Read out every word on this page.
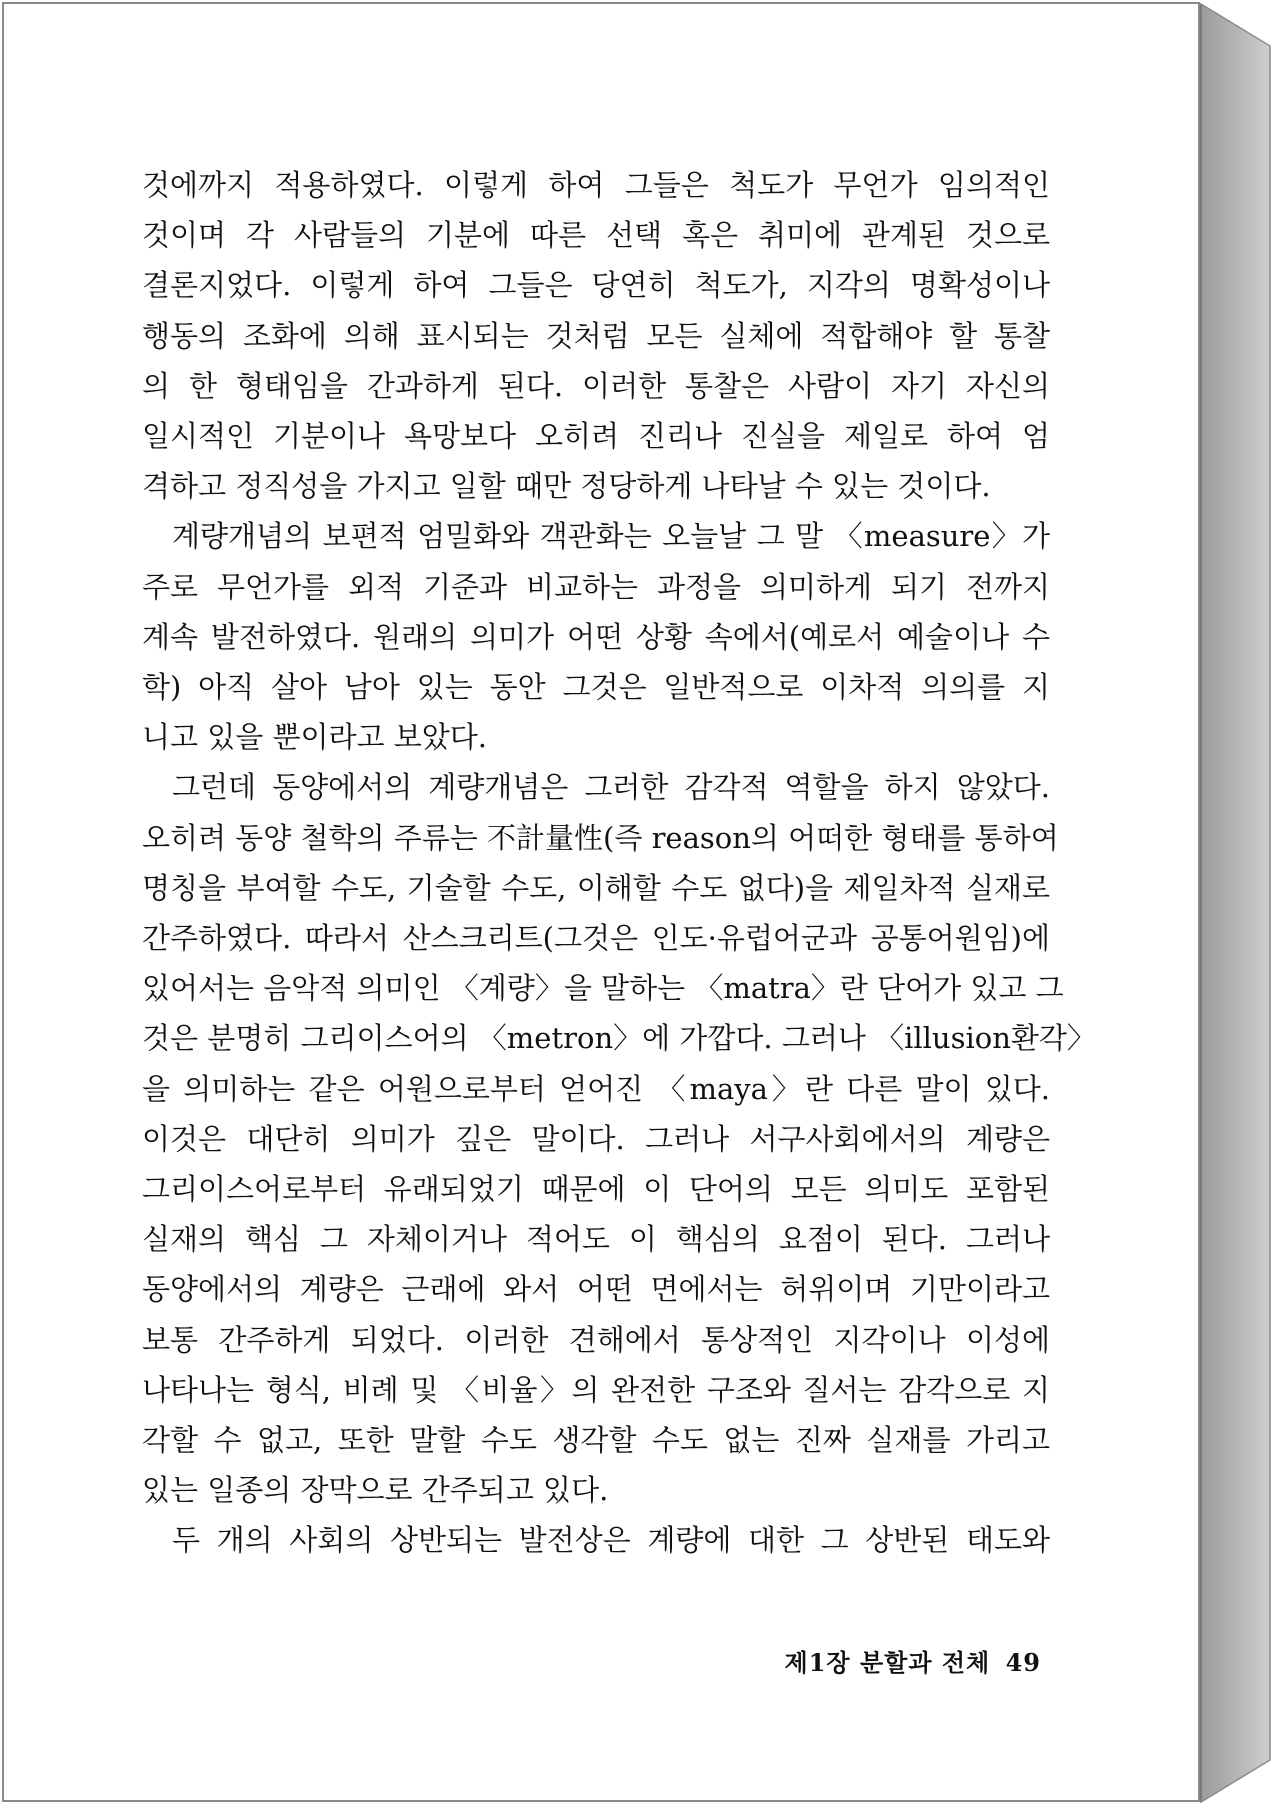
것에까지 적용하였다. 이렇게 하여 그들은 척도가 무언가 임의적인

것이며 각 사람들의 기분에 따른 선택 혹은 취미에 관계된 것으로

결론지었다. 이렇게 하여 그들은 당연히 척도가, 지각의 명확성이나

행동의 조화에 의해 표시되는 것처럼 모든 실체에 적합해야 할 통찰

의 한 형태임을 간과하게 된다. 이러한 통찰은 사람이 자기 자신의

일시적인 기분이나 욕망보다 오히려 진리나 진실을 제일로 하여 엄

격하고 정직성을 가지고 일할 때만 정당하게 나타날 수 있는 것이다.

계량개념의 보편적 엄밀화와 객관화는 오늘날 그 말 〈measure〉가

주로 무언가를 외적 기준과 비교하는 과정을 의미하게 되기 전까지

계속 발전하였다. 원래의 의미가 어떤 상황 속에서(예로서 예술이나 수

학) 아직 살아 남아 있는 동안 그것은 일반적으로 이차적 의의를 지

니고 있을 뿐이라고 보았다.

그런데 동양에서의 계량개념은 그러한 감각적 역할을 하지 않았다.

오히려 동양 철학의 주류는 不計量性(즉 reason의 어떠한 형태를 통하여

명칭을 부여할 수도, 기술할 수도, 이해할 수도 없다)을 제일차적 실재로

간주하였다. 따라서 산스크리트(그것은 인도·유럽어군과 공통어원임)에

있어서는 음악적 의미인 〈계량〉을 말하는 〈matra〉란 단어가 있고 그

것은 분명히 그리이스어의 〈metron〉에 가깝다. 그러나 〈illusion환각〉

을 의미하는 같은 어원으로부터 얻어진 〈maya〉란 다른 말이 있다.

이것은 대단히 의미가 깊은 말이다. 그러나 서구사회에서의 계량은

그리이스어로부터 유래되었기 때문에 이 단어의 모든 의미도 포함된

실재의 핵심 그 자체이거나 적어도 이 핵심의 요점이 된다. 그러나

동양에서의 계량은 근래에 와서 어떤 면에서는 허위이며 기만이라고

보통 간주하게 되었다. 이러한 견해에서 통상적인 지각이나 이성에

나타나는 형식, 비례 및 〈비율〉의 완전한 구조와 질서는 감각으로 지

각할 수 없고, 또한 말할 수도 생각할 수도 없는 진짜 실재를 가리고

있는 일종의 장막으로 간주되고 있다.

두 개의 사회의 상반되는 발전상은 계량에 대한 그 상반된 태도와

제1장 분할과 전체 49
